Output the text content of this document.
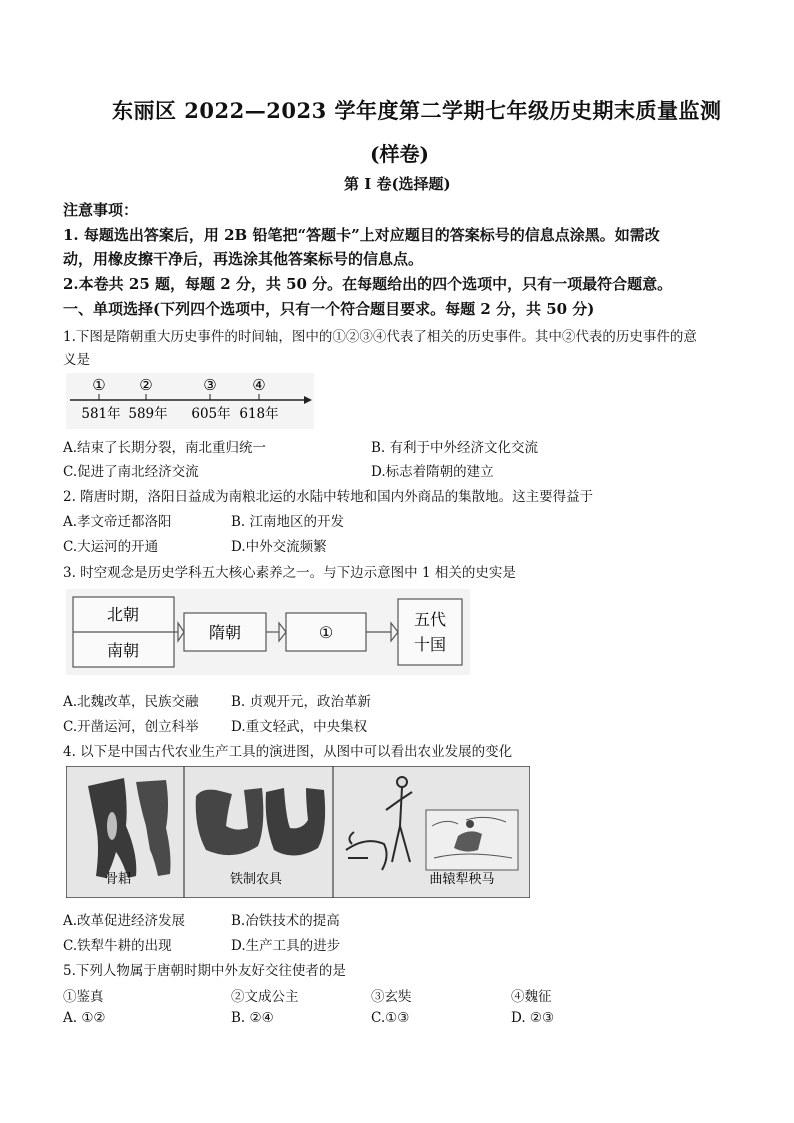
东丽区 2022—2023 学年度第二学期七年级历史期末质量监测
(样卷)
第 I 卷(选择题)
注意事项：
1. 每题选出答案后，用 2B 铅笔把“答题卡”上对应题目的答案标号的信息点涂黑。如需改
动，用橡皮擦干净后，再选涂其他答案标号的信息点。
2.本卷共 25 题，每题 2 分，共 50 分。在每题给出的四个选项中，只有一项最符合题意。
一、单项选择(下列四个选项中，只有一个符合题目要求。每题 2 分，共 50 分)
1.下图是隋朝重大历史事件的时间轴，图中的①②③④代表了相关的历史事件。其中②代表的历史事件的意
义是
① ②	③ ④
581年 589年 605年 618年
A.结束了长期分裂，南北重归统一	B. 有利于中外经济文化交流
C.促进了南北经济交流	D.标志着隋朝的建立
2. 隋唐时期，洛阳日益成为南粮北运的水陆中转地和国内外商品的集散地。这主要得益于
A.孝文帝迁都洛阳	B. 江南地区的开发
C.大运河的开通	D.中外交流频繁
3. 时空观念是历史学科五大核心素养之一。与下边示意图中 1 相关的史实是
北朝
南朝
隋朝	①
五代
十国
A.北魏改革，民族交融 B. 贞观开元，政治革新
C.开凿运河，创立科举 D.重文轻武，中央集权
4. 以下是中国古代农业生产工具的演进图，从图中可以看出农业发展的变化
骨耜	铁制农具	曲辕犁秧马
A.改革促进经济发展	B.冶铁技术的提高
C.铁犁牛耕的出现	D.生产工具的进步
5.下列人物属于唐朝时期中外友好交往使者的是
①鉴真	②文成公主	③玄奘	④魏征
A. ①②	B. ②④	C.①③	D. ②③
